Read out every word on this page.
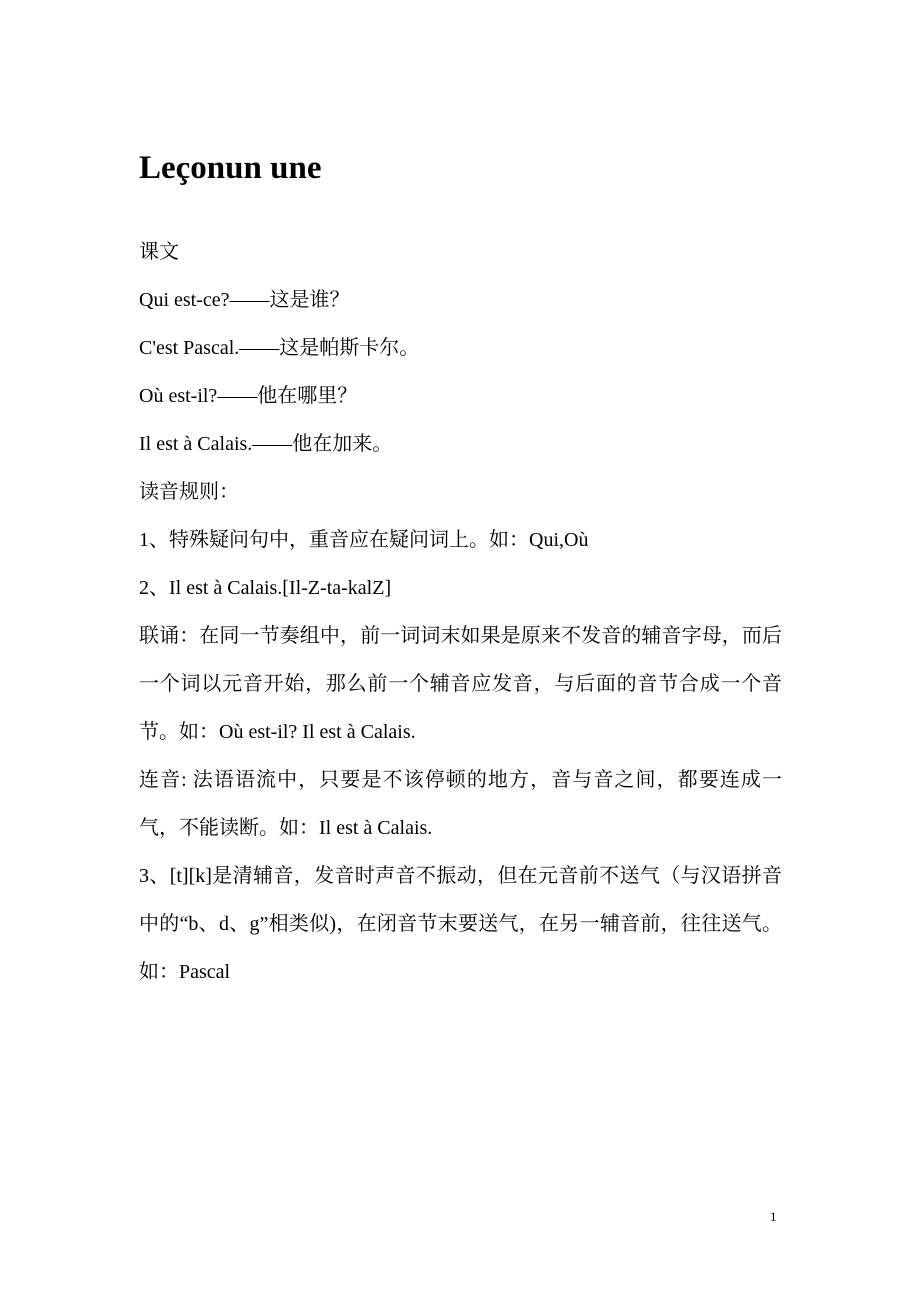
Leçonun une

课文

Qui est-ce?——这是谁？

C'est Pascal.——这是帕斯卡尔。

Où est-il?——他在哪里？

Il est à Calais.——他在加来。

读音规则：

1、特殊疑问句中，重音应在疑问词上。如：Qui,Où

2、Il est à Calais.[Il-Z-ta-kalZ]

联诵：在同一节奏组中，前一词词末如果是原来不发音的辅音字母，而后一个词以元音开始，那么前一个辅音应发音，与后面的音节合成一个音节。如：Où est-il? Il est à Calais.

连音: 法语语流中，只要是不该停顿的地方，音与音之间，都要连成一气，不能读断。如：Il est à Calais.

3、[t][k]是清辅音，发音时声音不振动，但在元音前不送气（与汉语拼音中的“b、d、g”相类似)，在闭音节末要送气，在另一辅音前，往往送气。如：Pascal

1
